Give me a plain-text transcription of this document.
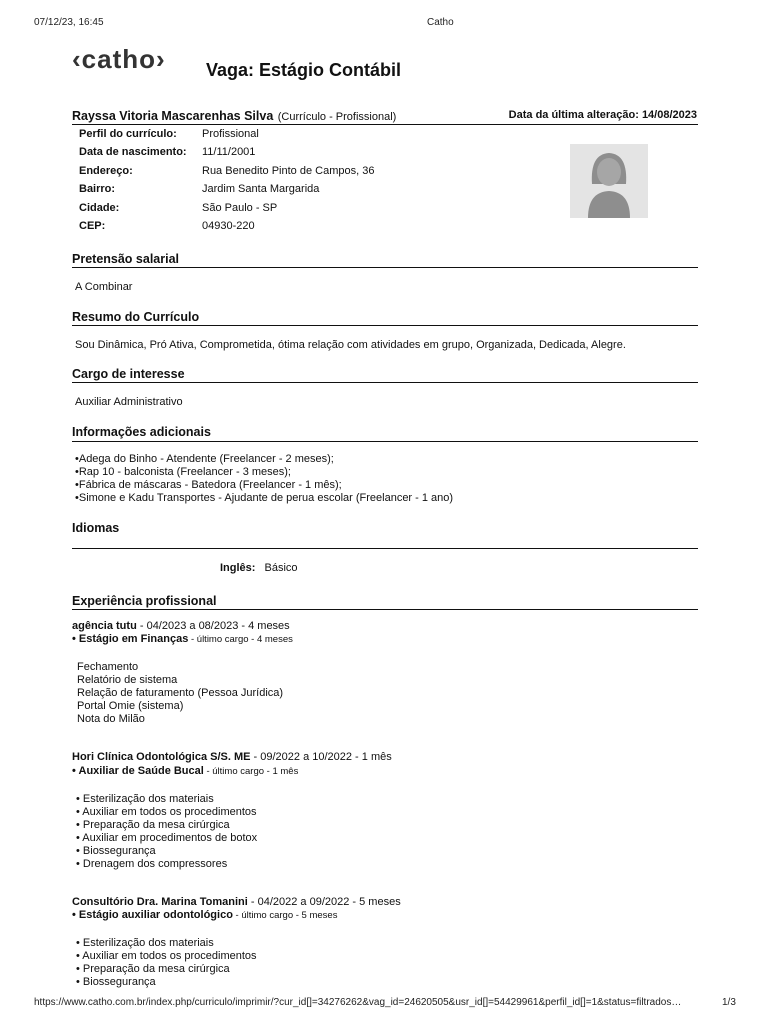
07/12/23, 16:45	Catho
‹catho› Vaga: Estágio Contábil
Rayssa Vitoria Mascarenhas Silva (Currículo - Profissional)	Data da última alteração: 14/08/2023
Perfil do currículo: Profissional
Data de nascimento: 11/11/2001
Endereço:	Rua Benedito Pinto de Campos, 36
Bairro:	Jardim Santa Margarida
Cidade:	São Paulo - SP
CEP:	04930-220
Pretensão salarial
A Combinar
Resumo do Currículo
Sou Dinâmica, Pró Ativa, Comprometida, ótima relação com atividades em grupo, Organizada, Dedicada, Alegre.
Cargo de interesse
Auxiliar Administrativo
Informações adicionais
•Adega do Binho - Atendente (Freelancer - 2 meses);
•Rap 10 - balconista (Freelancer - 3 meses);
•Fábrica de máscaras - Batedora (Freelancer - 1 mês);
•Simone e Kadu Transportes - Ajudante de perua escolar (Freelancer - 1 ano)
Idiomas
Inglês: Básico
Experiência profissional
agência tutu - 04/2023 a 08/2023 - 4 meses
• Estágio em Finanças - último cargo - 4 meses
Fechamento
Relatório de sistema
Relação de faturamento (Pessoa Jurídica)
Portal Omie (sistema)
Nota do Milão
Hori Clínica Odontológica S/S. ME - 09/2022 a 10/2022 - 1 mês
• Auxiliar de Saúde Bucal - último cargo - 1 mês
• Esterilização dos materiais
• Auxiliar em todos os procedimentos
• Preparação da mesa cirúrgica
• Auxiliar em procedimentos de botox
• Biossegurança
• Drenagem dos compressores
Consultório Dra. Marina Tomanini - 04/2022 a 09/2022 - 5 meses
• Estágio auxiliar odontológico - último cargo - 5 meses
• Esterilização dos materiais
• Auxiliar em todos os procedimentos
• Preparação da mesa cirúrgica
• Biossegurança
https://www.catho.com.br/index.php/curriculo/imprimir/?cur_id[]=34276262&vag_id=24620505&usr_id[]=54429961&perfil_id[]=1&status=filtrados…	1/3
